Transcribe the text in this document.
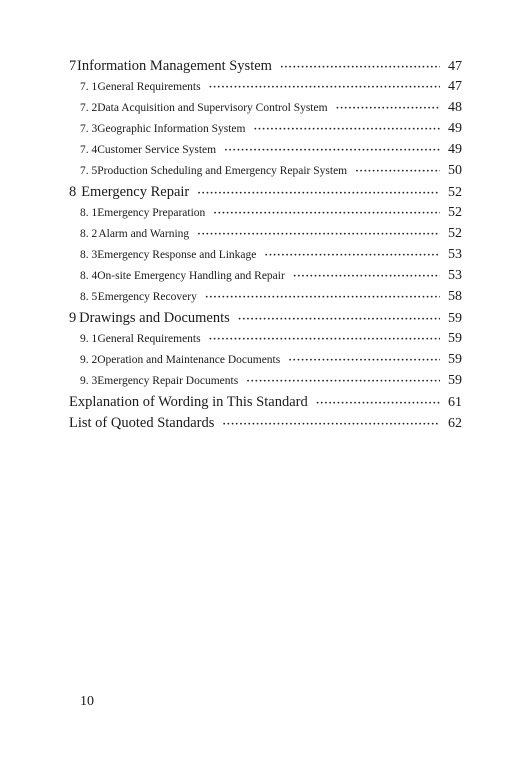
7 Information Management System ·····	47
7. 1 General Requirements ·····	47
7. 2 Data Acquisition and Supervisory Control System ·····	48
7. 3 Geographic Information System ·····	49
7. 4 Customer Service System ·····	49
7. 5 Production Scheduling and Emergency Repair System ·····	50
8 Emergency Repair ·····	52
8. 1 Emergency Preparation ·····	52
8. 2 Alarm and Warning ·····	52
8. 3 Emergency Response and Linkage ·····	53
8. 4 On-site Emergency Handling and Repair ·····	53
8. 5 Emergency Recovery ·····	58
9 Drawings and Documents ·····	59
9. 1 General Requirements ·····	59
9. 2 Operation and Maintenance Documents ·····	59
9. 3 Emergency Repair Documents ·····	59
Explanation of Wording in This Standard ·····	61
List of Quoted Standards ·····	62
10
